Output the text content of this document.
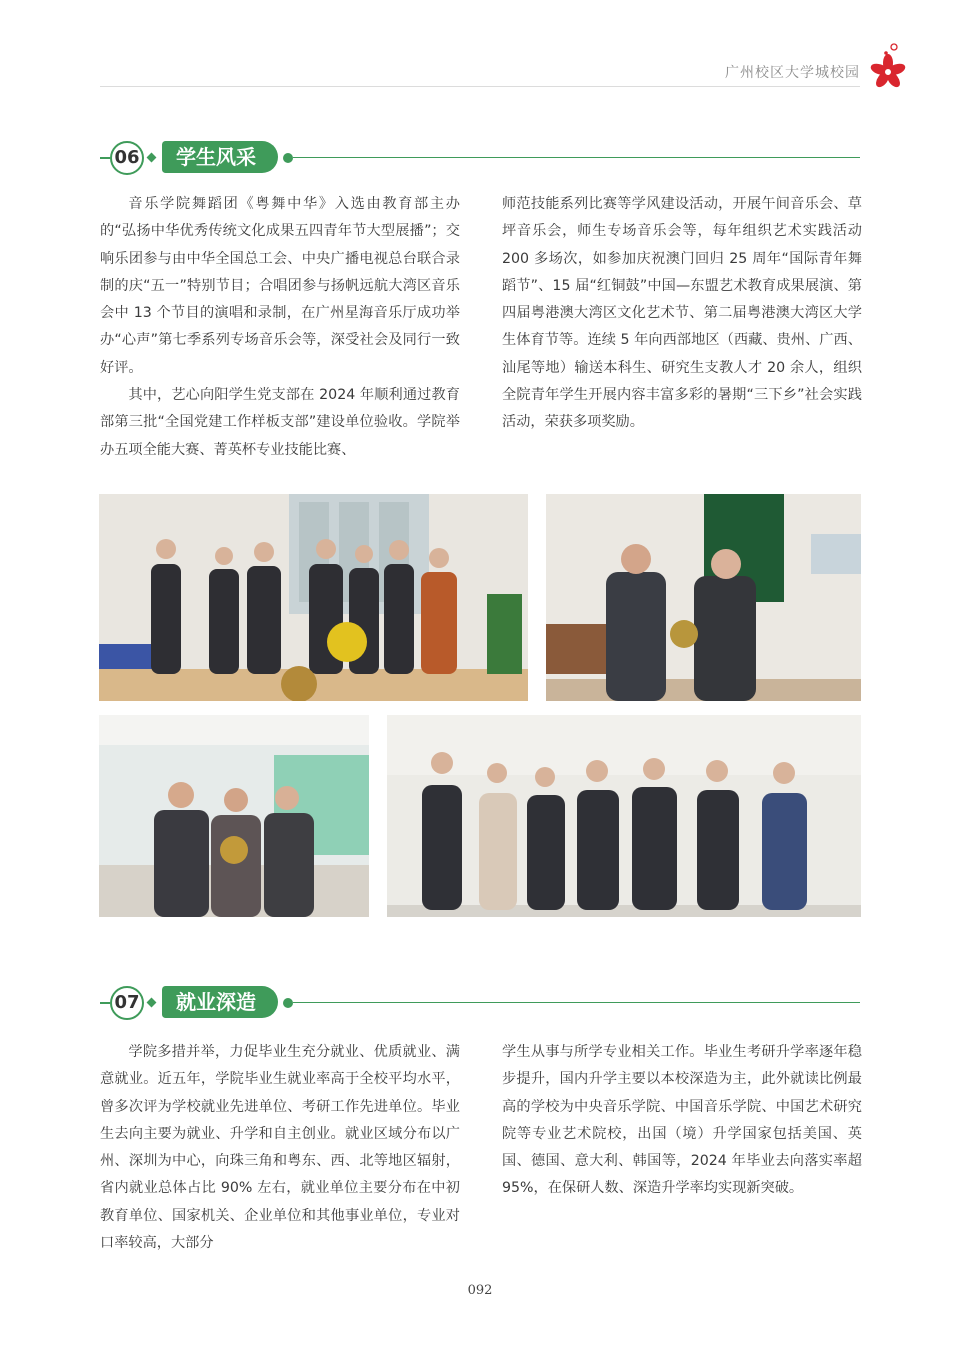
广州校区大学城校园
06	学生风采

音乐学院舞蹈团《粤舞中华》入选由教育部主办的“弘扬中华优秀传统文化成果五四青年节大型展播”；交响乐团参与由中华全国总工会、中央广播电视总台联合录制的庆“五一”特别节目；合唱团参与扬帆远航大湾区音乐会中 13 个节目的演唱和录制，在广州星海音乐厅成功举办“心声”第七季系列专场音乐会等，深受社会及同行一致好评。

其中，艺心向阳学生党支部在 2024 年顺利通过教育部第三批“全国党建工作样板支部”建设单位验收。学院举办五项全能大赛、菁英杯专业技能比赛、

师范技能系列比赛等学风建设活动，开展午间音乐会、草坪音乐会，师生专场音乐会等，每年组织艺术实践活动 200 多场次，如参加庆祝澳门回归 25 周年“国际青年舞蹈节”、15 届“红铜鼓”中国—东盟艺术教育成果展演、第四届粤港澳大湾区文化艺术节、第二届粤港澳大湾区大学生体育节等。连续 5 年向西部地区（西藏、贵州、广西、汕尾等地）输送本科生、研究生支教人才 20 余人，组织全院青年学生开展内容丰富多彩的暑期“三下乡”社会实践活动，荣获多项奖励。

07	就业深造

学院多措并举，力促毕业生充分就业、优质就业、满意就业。近五年，学院毕业生就业率高于全校平均水平，曾多次评为学校就业先进单位、考研工作先进单位。毕业生去向主要为就业、升学和自主创业。就业区域分布以广州、深圳为中心，向珠三角和粤东、西、北等地区辐射，省内就业总体占比 90% 左右，就业单位主要分布在中初教育单位、国家机关、企业单位和其他事业单位，专业对口率较高，大部分

学生从事与所学专业相关工作。毕业生考研升学率逐年稳步提升，国内升学主要以本校深造为主，此外就读比例最高的学校为中央音乐学院、中国音乐学院、中国艺术研究院等专业艺术院校，出国（境）升学国家包括美国、英国、德国、意大利、韩国等，2024 年毕业去向落实率超 95%，在保研人数、深造升学率均实现新突破。

092
